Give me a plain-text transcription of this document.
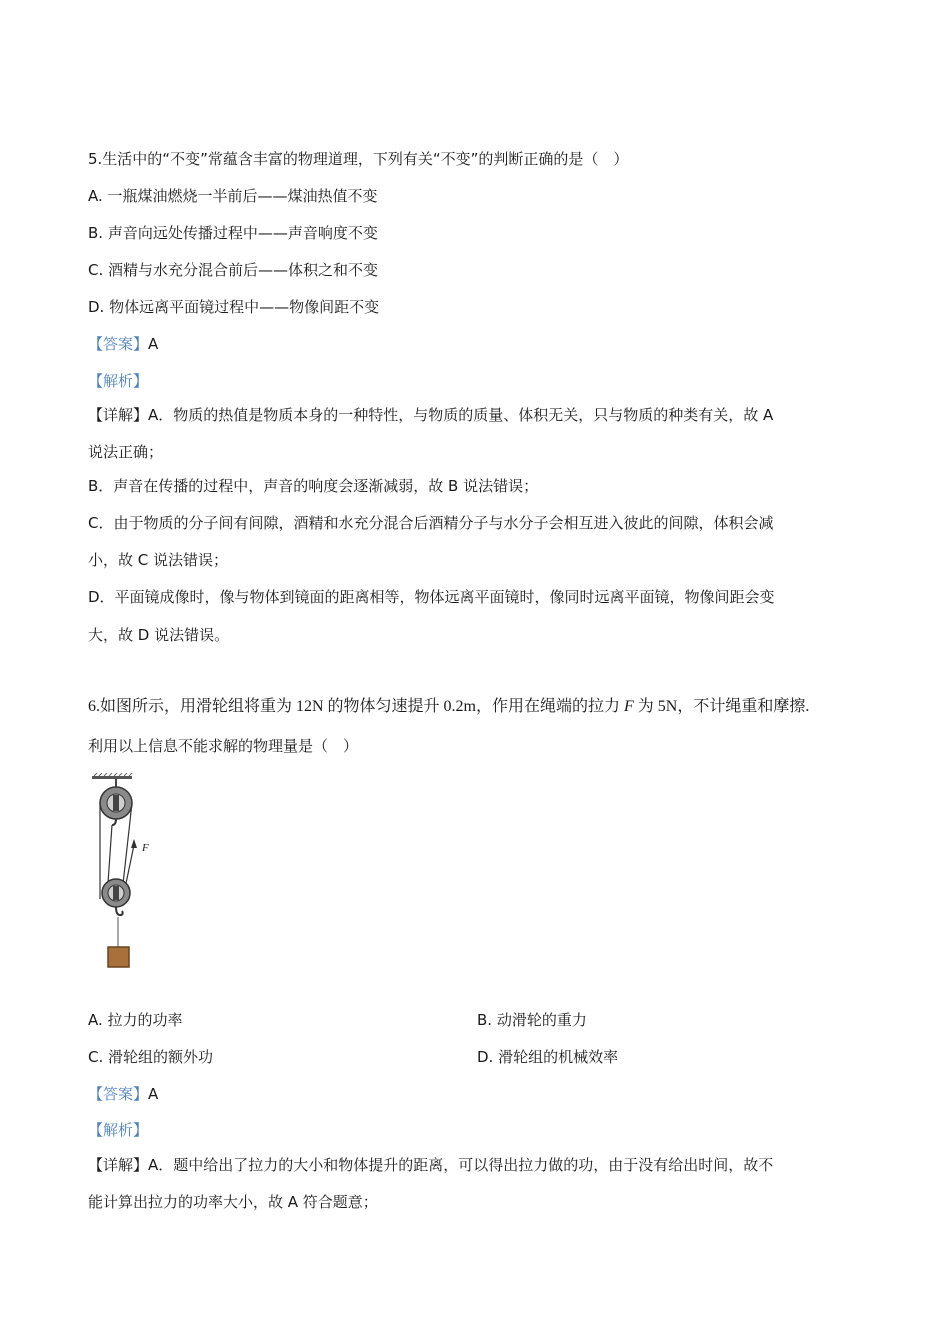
5.生活中的“不变”常蕴含丰富的物理道理，下列有关“不变”的判断正确的是（　）
A. 一瓶煤油燃烧一半前后——煤油热值不变
B. 声音向远处传播过程中——声音响度不变
C. 酒精与水充分混合前后——体积之和不变
D. 物体远离平面镜过程中——物像间距不变
【答案】A
【解析】
【详解】A．物质的热值是物质本身的一种特性，与物质的质量、体积无关，只与物质的种类有关，故 A
说法正确；
B．声音在传播的过程中，声音的响度会逐渐减弱，故 B 说法错误；
C．由于物质的分子间有间隙，酒精和水充分混合后酒精分子与水分子会相互进入彼此的间隙，体积会减
小，故 C 说法错误；
D．平面镜成像时，像与物体到镜面的距离相等，物体远离平面镜时，像同时远离平面镜，物像间距会变
大，故 D 说法错误。
6.如图所示，用滑轮组将重为 12N 的物体匀速提升 0.2m，作用在绳端的拉力 F 为 5N，不计绳重和摩擦.
利用以上信息不能求解的物理量是（　）
F
A. 拉力的功率	B. 动滑轮的重力
C. 滑轮组的额外功	D. 滑轮组的机械效率
【答案】A
【解析】
【详解】A．题中给出了拉力的大小和物体提升的距离，可以得出拉力做的功，由于没有给出时间，故不
能计算出拉力的功率大小，故 A 符合题意；
